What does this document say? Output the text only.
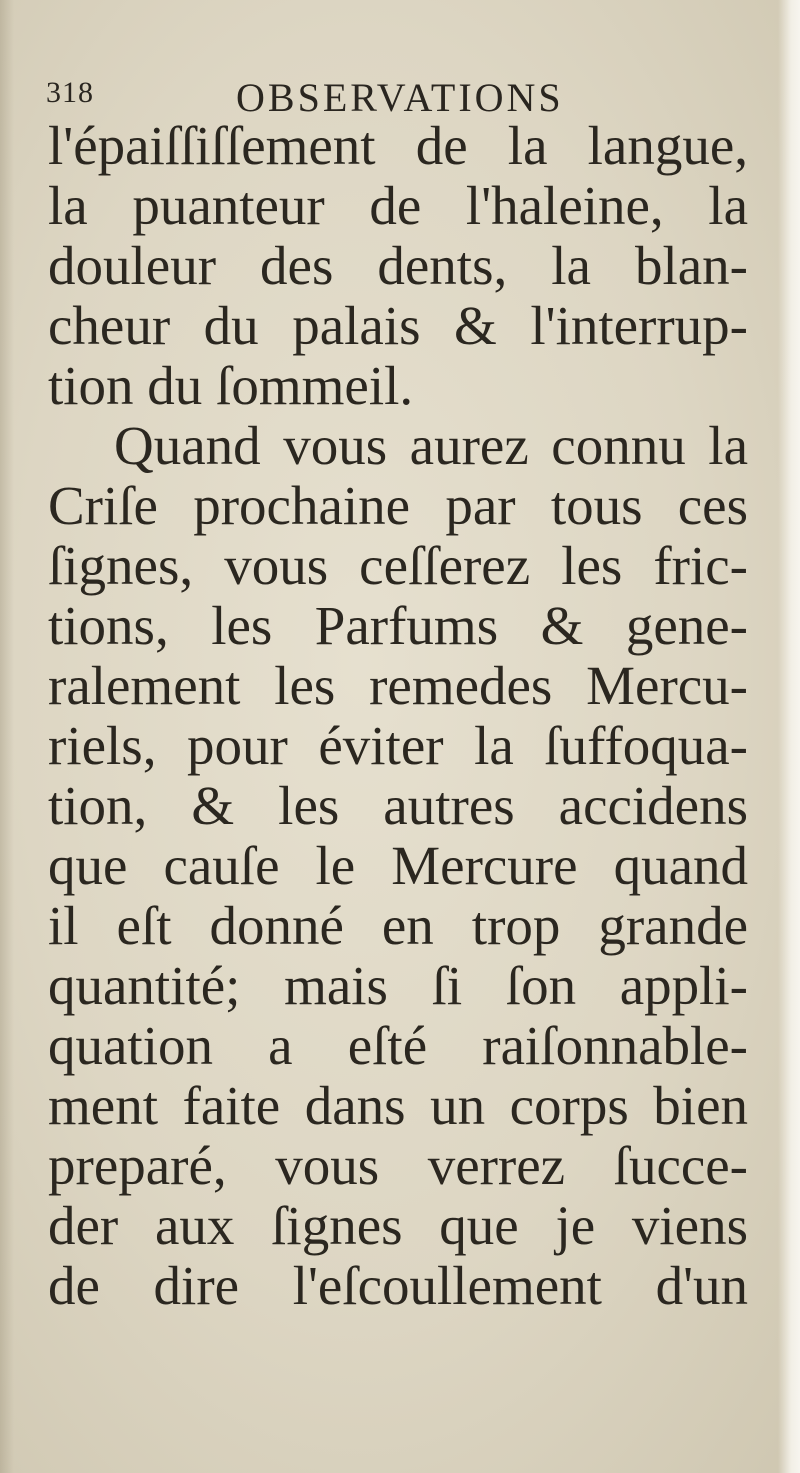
318	OBSERVATIONS
l'épaiſſiſſement de la langue,
la puanteur de l'haleine, la
douleur des dents, la blan-
cheur du palais & l'interrup-
tion du ſommeil.
Quand vous aurez connu la
Criſe prochaine par tous ces
ſignes, vous ceſſerez les fric-
tions, les Parfums & gene-
ralement les remedes Mercu-
riels, pour éviter la ſuffoqua-
tion, & les autres accidens
que cauſe le Mercure quand
il eſt donné en trop grande
quantité; mais ſi ſon appli-
quation a eſté raiſonnable-
ment faite dans un corps bien
preparé, vous verrez ſucce-
der aux ſignes que je viens
de dire l'eſcoullement d'un
